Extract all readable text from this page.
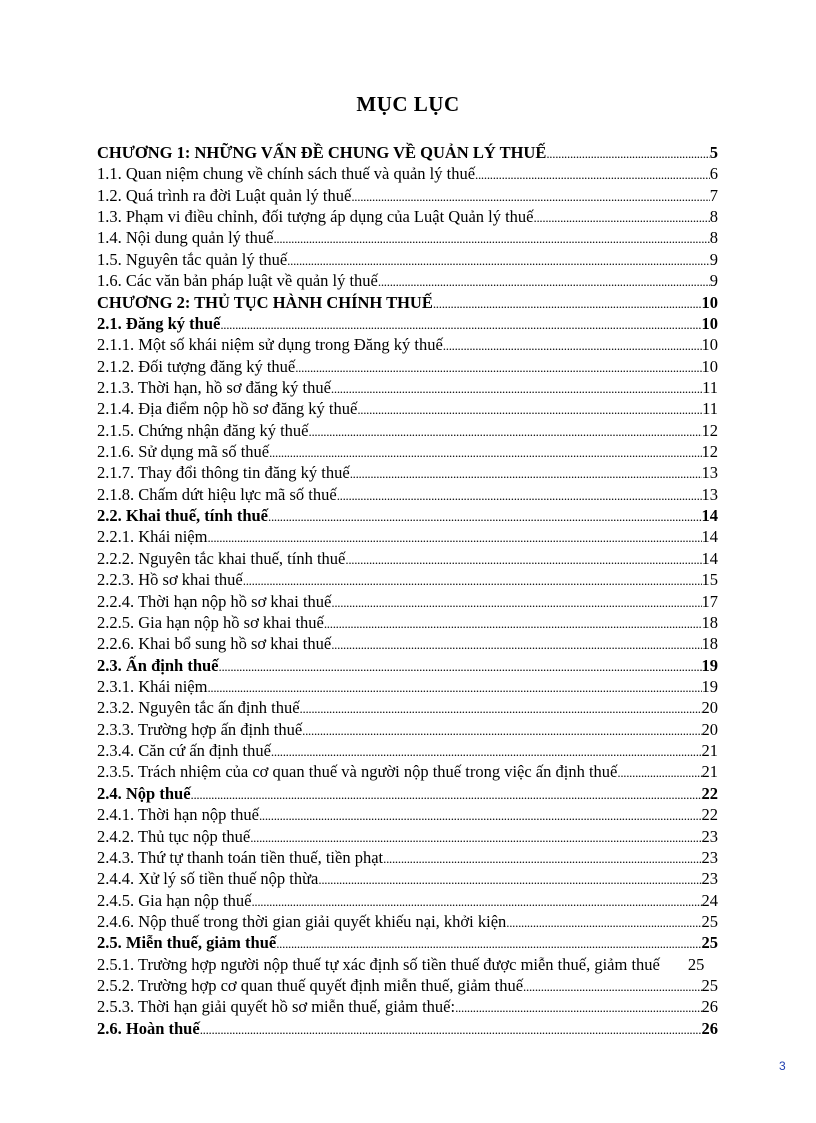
MỤC LỤC
CHƯƠNG 1: NHỮNG VẤN ĐỀ CHUNG VỀ QUẢN LÝ THUẾ .....	5
1.1. Quan niệm chung về chính sách thuế và quản lý thuế .....	6
1.2. Quá trình ra đời Luật quản lý thuế .....	7
1.3. Phạm vi điều chỉnh, đối tượng áp dụng của Luật Quản lý thuế .....	8
1.4. Nội dung quản lý thuế .....	8
1.5. Nguyên tắc quản lý thuế .....	9
1.6. Các văn bản pháp luật về quản lý thuế .....	9
CHƯƠNG 2: THỦ TỤC HÀNH CHÍNH THUẾ .....	10
2.1. Đăng ký thuế .....	10
2.1.1. Một số khái niệm sử dụng trong Đăng ký thuế .....	10
2.1.2. Đối tượng đăng ký thuế .....	10
2.1.3. Thời hạn, hồ sơ đăng ký thuế .....	11
2.1.4. Địa điểm nộp hồ sơ đăng ký thuế .....	11
2.1.5. Chứng nhận đăng ký thuế .....	12
2.1.6. Sử dụng mã số thuế .....	12
2.1.7. Thay đổi thông tin đăng ký thuế .....	13
2.1.8. Chấm dứt hiệu lực mã số thuế .....	13
2.2. Khai thuế, tính thuế .....	14
2.2.1. Khái niệm .....	14
2.2.2. Nguyên tắc khai thuế, tính thuế .....	14
2.2.3. Hồ sơ khai thuế .....	15
2.2.4. Thời hạn nộp hồ sơ khai thuế .....	17
2.2.5. Gia hạn nộp hồ sơ khai thuế .....	18
2.2.6. Khai bổ sung hồ sơ khai thuế .....	18
2.3. Ấn định thuế .....	19
2.3.1. Khái niệm .....	19
2.3.2. Nguyên tắc ấn định thuế .....	20
2.3.3. Trường hợp ấn định thuế .....	20
2.3.4. Căn cứ ấn định thuế .....	21
2.3.5. Trách nhiệm của cơ quan thuế và người nộp thuế trong việc ấn định thuế .....	21
2.4. Nộp thuế .....	22
2.4.1. Thời hạn nộp thuế .....	22
2.4.2. Thủ tục nộp thuế .....	23
2.4.3. Thứ tự thanh toán tiền thuế, tiền phạt .....	23
2.4.4. Xử lý số tiền thuế nộp thừa .....	23
2.4.5. Gia hạn nộp thuế .....	24
2.4.6. Nộp thuế trong thời gian giải quyết khiếu nại, khởi kiện .....	25
2.5. Miễn thuế, giảm thuế .....	25
2.5.1. Trường hợp người nộp thuế tự xác định số tiền thuế được miễn thuế, giảm thuế 25
2.5.2. Trường hợp cơ quan thuế quyết định miễn thuế, giảm thuế .....	25
2.5.3. Thời hạn giải quyết hồ sơ miễn thuế, giảm thuế: .....	26
2.6. Hoàn thuế .....	26
3
